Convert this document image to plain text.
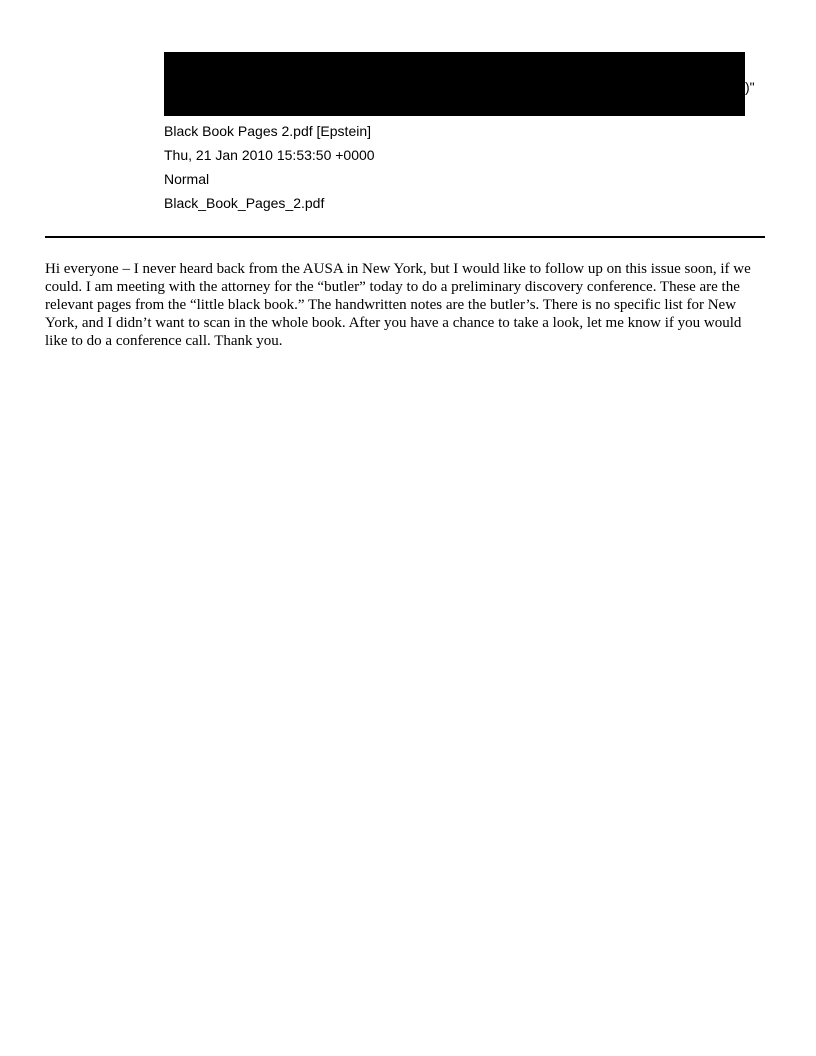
)"
Black Book Pages 2.pdf [Epstein]
Thu, 21 Jan 2010 15:53:50 +0000
Normal
Black_Book_Pages_2.pdf

Hi everyone – I never heard back from the AUSA in New York, but I would like to follow up on this issue soon, if we could. I am meeting with the attorney for the “butler” today to do a preliminary discovery conference. These are the relevant pages from the “little black book.” The handwritten notes are the butler’s. There is no specific list for New York, and I didn’t want to scan in the whole book. After you have a chance to take a look, let me know if you would like to do a conference call. Thank you.
